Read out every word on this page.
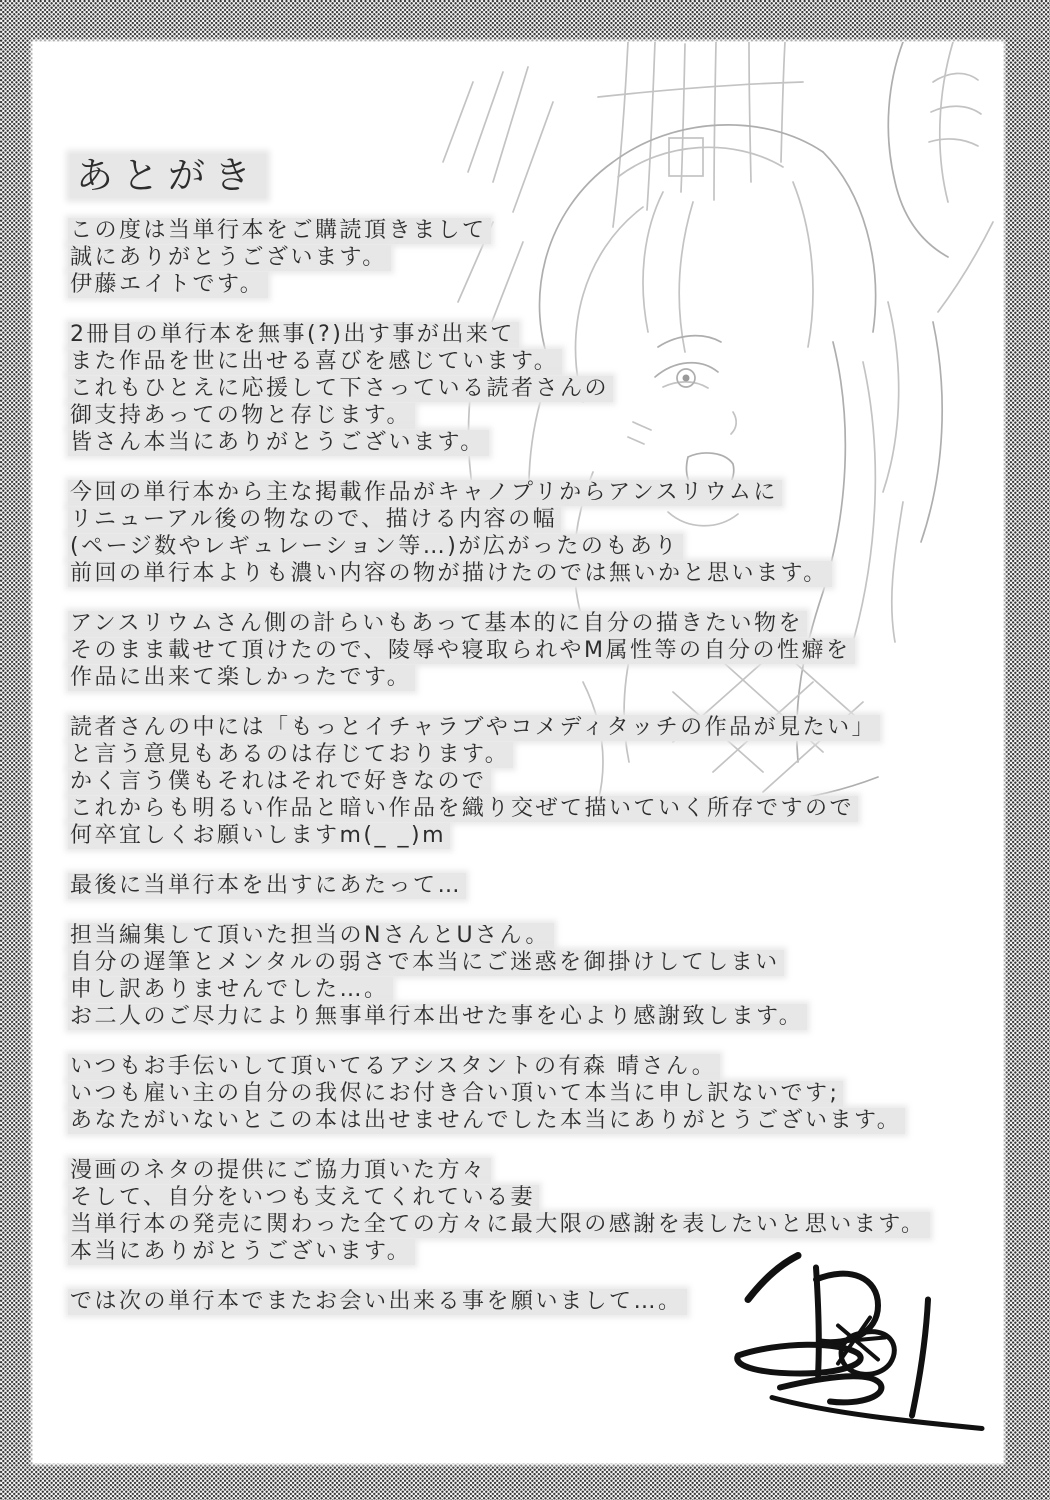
あとがき

この度は当単行本をご購読頂きまして
誠にありがとうございます。
伊藤エイトです。

2冊目の単行本を無事(?)出す事が出来て
また作品を世に出せる喜びを感じています。
これもひとえに応援して下さっている読者さんの
御支持あっての物と存じます。
皆さん本当にありがとうございます。

今回の単行本から主な掲載作品がキャノプリからアンスリウムに
リニューアル後の物なので、描ける内容の幅
(ページ数やレギュレーション等…)が広がったのもあり
前回の単行本よりも濃い内容の物が描けたのでは無いかと思います。

アンスリウムさん側の計らいもあって基本的に自分の描きたい物を
そのまま載せて頂けたので、陵辱や寝取られやM属性等の自分の性癖を
作品に出来て楽しかったです。

読者さんの中には「もっとイチャラブやコメディタッチの作品が見たい」
と言う意見もあるのは存じております。
かく言う僕もそれはそれで好きなので
これからも明るい作品と暗い作品を織り交ぜて描いていく所存ですので
何卒宜しくお願いしますm(_ _)m

最後に当単行本を出すにあたって…

担当編集して頂いた担当のNさんとUさん。
自分の遅筆とメンタルの弱さで本当にご迷惑を御掛けしてしまい
申し訳ありませんでした…。
お二人のご尽力により無事単行本出せた事を心より感謝致します。

いつもお手伝いして頂いてるアシスタントの有森 晴さん。
いつも雇い主の自分の我侭にお付き合い頂いて本当に申し訳ないです;
あなたがいないとこの本は出せませんでした本当にありがとうございます。

漫画のネタの提供にご協力頂いた方々
そして、自分をいつも支えてくれている妻
当単行本の発売に関わった全ての方々に最大限の感謝を表したいと思います。
本当にありがとうございます。

では次の単行本でまたお会い出来る事を願いまして…。
